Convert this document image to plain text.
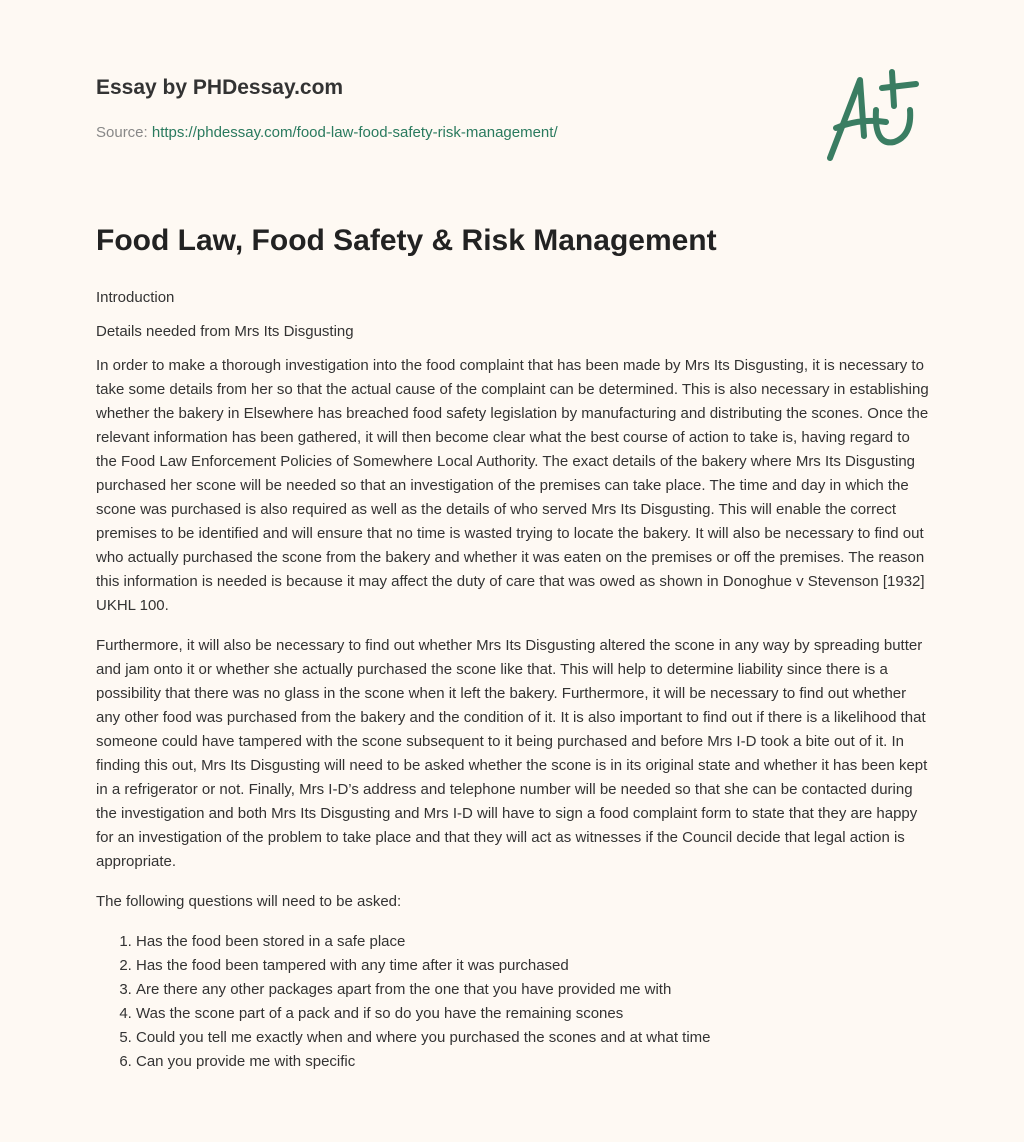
Essay by PHDessay.com
Source: https://phdessay.com/food-law-food-safety-risk-management/
Food Law, Food Safety & Risk Management

Introduction

Details needed from Mrs Its Disgusting

In order to make a thorough investigation into the food complaint that has been made by Mrs Its Disgusting, it is necessary to take some details from her so that the actual cause of the complaint can be determined. This is also necessary in establishing whether the bakery in Elsewhere has breached food safety legislation by manufacturing and distributing the scones. Once the relevant information has been gathered, it will then become clear what the best course of action to take is, having regard to the Food Law Enforcement Policies of Somewhere Local Authority. The exact details of the bakery where Mrs Its Disgusting purchased her scone will be needed so that an investigation of the premises can take place. The time and day in which the scone was purchased is also required as well as the details of who served Mrs Its Disgusting. This will enable the correct premises to be identified and will ensure that no time is wasted trying to locate the bakery. It will also be necessary to find out who actually purchased the scone from the bakery and whether it was eaten on the premises or off the premises. The reason this information is needed is because it may affect the duty of care that was owed as shown in Donoghue v Stevenson [1932] UKHL 100.

Furthermore, it will also be necessary to find out whether Mrs Its Disgusting altered the scone in any way by spreading butter and jam onto it or whether she actually purchased the scone like that. This will help to determine liability since there is a possibility that there was no glass in the scone when it left the bakery. Furthermore, it will be necessary to find out whether any other food was purchased from the bakery and the condition of it. It is also important to find out if there is a likelihood that someone could have tampered with the scone subsequent to it being purchased and before Mrs I-D took a bite out of it. In finding this out, Mrs Its Disgusting will need to be asked whether the scone is in its original state and whether it has been kept in a refrigerator or not. Finally, Mrs I-D’s address and telephone number will be needed so that she can be contacted during the investigation and both Mrs Its Disgusting and Mrs I-D will have to sign a food complaint form to state that they are happy for an investigation of the problem to take place and that they will act as witnesses if the Council decide that legal action is appropriate.

The following questions will need to be asked:

1. Has the food been stored in a safe place
2. Has the food been tampered with any time after it was purchased
3. Are there any other packages apart from the one that you have provided me with
4. Was the scone part of a pack and if so do you have the remaining scones
5. Could you tell me exactly when and where you purchased the scones and at what time
6. Can you provide me with specific
